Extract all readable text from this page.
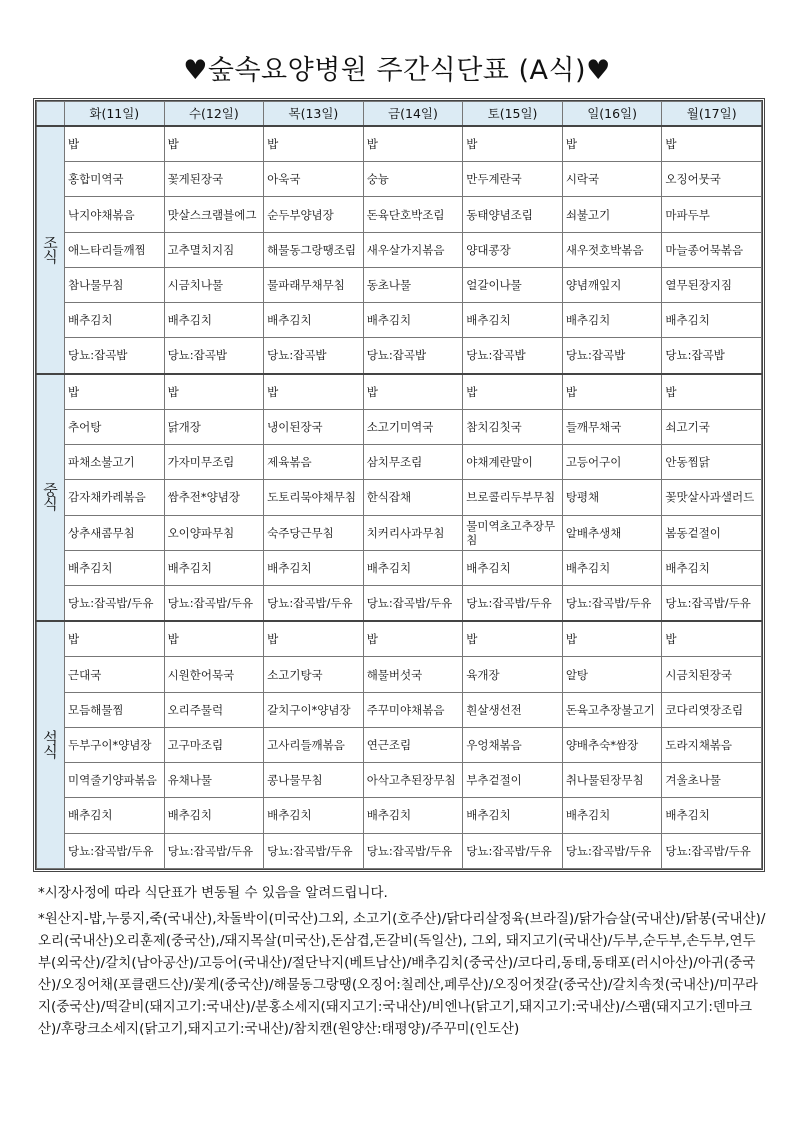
♥숲속요양병원 주간식단표 (A식)♥
	화(11일)	수(12일)	목(13일)	금(14일)	토(15일)	일(16일)	월(17일)

조
식	밥	밥	밥	밥	밥	밥	밥
	홍합미역국	꽃게된장국	아욱국	숭늉	만두계란국	시락국	오징어뭇국
	낙지야채볶음	맛살스크램블에그	순두부양념장	돈육단호박조림	동태양념조림	쇠불고기	마파두부
	애느타리들깨찜	고추멸치지짐	해물동그랑땡조림	새우살가지볶음	양대콩장	새우젓호박볶음	마늘종어묵볶음
	참나물무침	시금치나물	물파래무채무침	동초나물	얼갈이나물	양념깨잎지	열무된장지짐
	배추김치	배추김치	배추김치	배추김치	배추김치	배추김치	배추김치
	당뇨:잡곡밥	당뇨:잡곡밥	당뇨:잡곡밥	당뇨:잡곡밥	당뇨:잡곡밥	당뇨:잡곡밥	당뇨:잡곡밥

중
식	밥	밥	밥	밥	밥	밥	밥
	추어탕	닭개장	냉이된장국	소고기미역국	참치김칫국	들깨무채국	쇠고기국
	파채소불고기	가자미무조림	제육볶음	삼치무조림	야채계란말이	고등어구이	안동찜닭
	감자채카레볶음	쌈추전*양념장	도토리묵야채무침	한식잡채	브로콜리두부무침	탕평채	꽃맛살사과샐러드
	상추새콤무침	오이양파무침	숙주당근무침	치커리사과무침	물미역초고추장무침	알배추생채	봄동겉절이
	배추김치	배추김치	배추김치	배추김치	배추김치	배추김치	배추김치
	당뇨:잡곡밥/두유	당뇨:잡곡밥/두유	당뇨:잡곡밥/두유	당뇨:잡곡밥/두유	당뇨:잡곡밥/두유	당뇨:잡곡밥/두유	당뇨:잡곡밥/두유

석
식	밥	밥	밥	밥	밥	밥	밥
	근대국	시원한어묵국	소고기탕국	해물버섯국	육개장	알탕	시금치된장국
	모듬해물찜	오리주물럭	갈치구이*양념장	주꾸미야채볶음	흰살생선전	돈육고추장불고기	코다리엿장조림
	두부구이*양념장	고구마조림	고사리들깨볶음	연근조림	우엉채볶음	양배추숙*쌈장	도라지채볶음
	미역줄기양파볶음	유채나물	콩나물무침	아삭고추된장무침	부추겉절이	취나물된장무침	겨울초나물
	배추김치	배추김치	배추김치	배추김치	배추김치	배추김치	배추김치
	당뇨:잡곡밥/두유	당뇨:잡곡밥/두유	당뇨:잡곡밥/두유	당뇨:잡곡밥/두유	당뇨:잡곡밥/두유	당뇨:잡곡밥/두유	당뇨:잡곡밥/두유
*시장사정에 따라 식단표가 변동될 수 있음을 알려드립니다.
*원산지-밥,누룽지,죽(국내산),차돌박이(미국산)그외, 소고기(호주산)/닭다리살정육(브라질)/닭가슴살(국내산)/닭봉(국내산)/오리(국내산)오리훈제(중국산),/돼지목살(미국산),돈삼겹,돈갈비(독일산), 그외, 돼지고기(국내산)/두부,순두부,손두부,연두부(외국산)/갈치(남아공산)/고등어(국내산)/절단낙지(베트남산)/배추김치(중국산)/코다리,동태,동태포(러시아산)/아귀(중국산)/오징어채(포클랜드산)/꽃게(중국산)/해물동그랑땡(오징어:칠레산,페루산)/오징어젓갈(중국산)/갈치속젓(국내산)/미꾸라지(중국산)/떡갈비(돼지고기:국내산)/분홍소세지(돼지고기:국내산)/비엔나(닭고기,돼지고기:국내산)/스팸(돼지고기:덴마크산)/후랑크소세지(닭고기,돼지고기:국내산)/참치캔(원양산:태평양)/주꾸미(인도산)
